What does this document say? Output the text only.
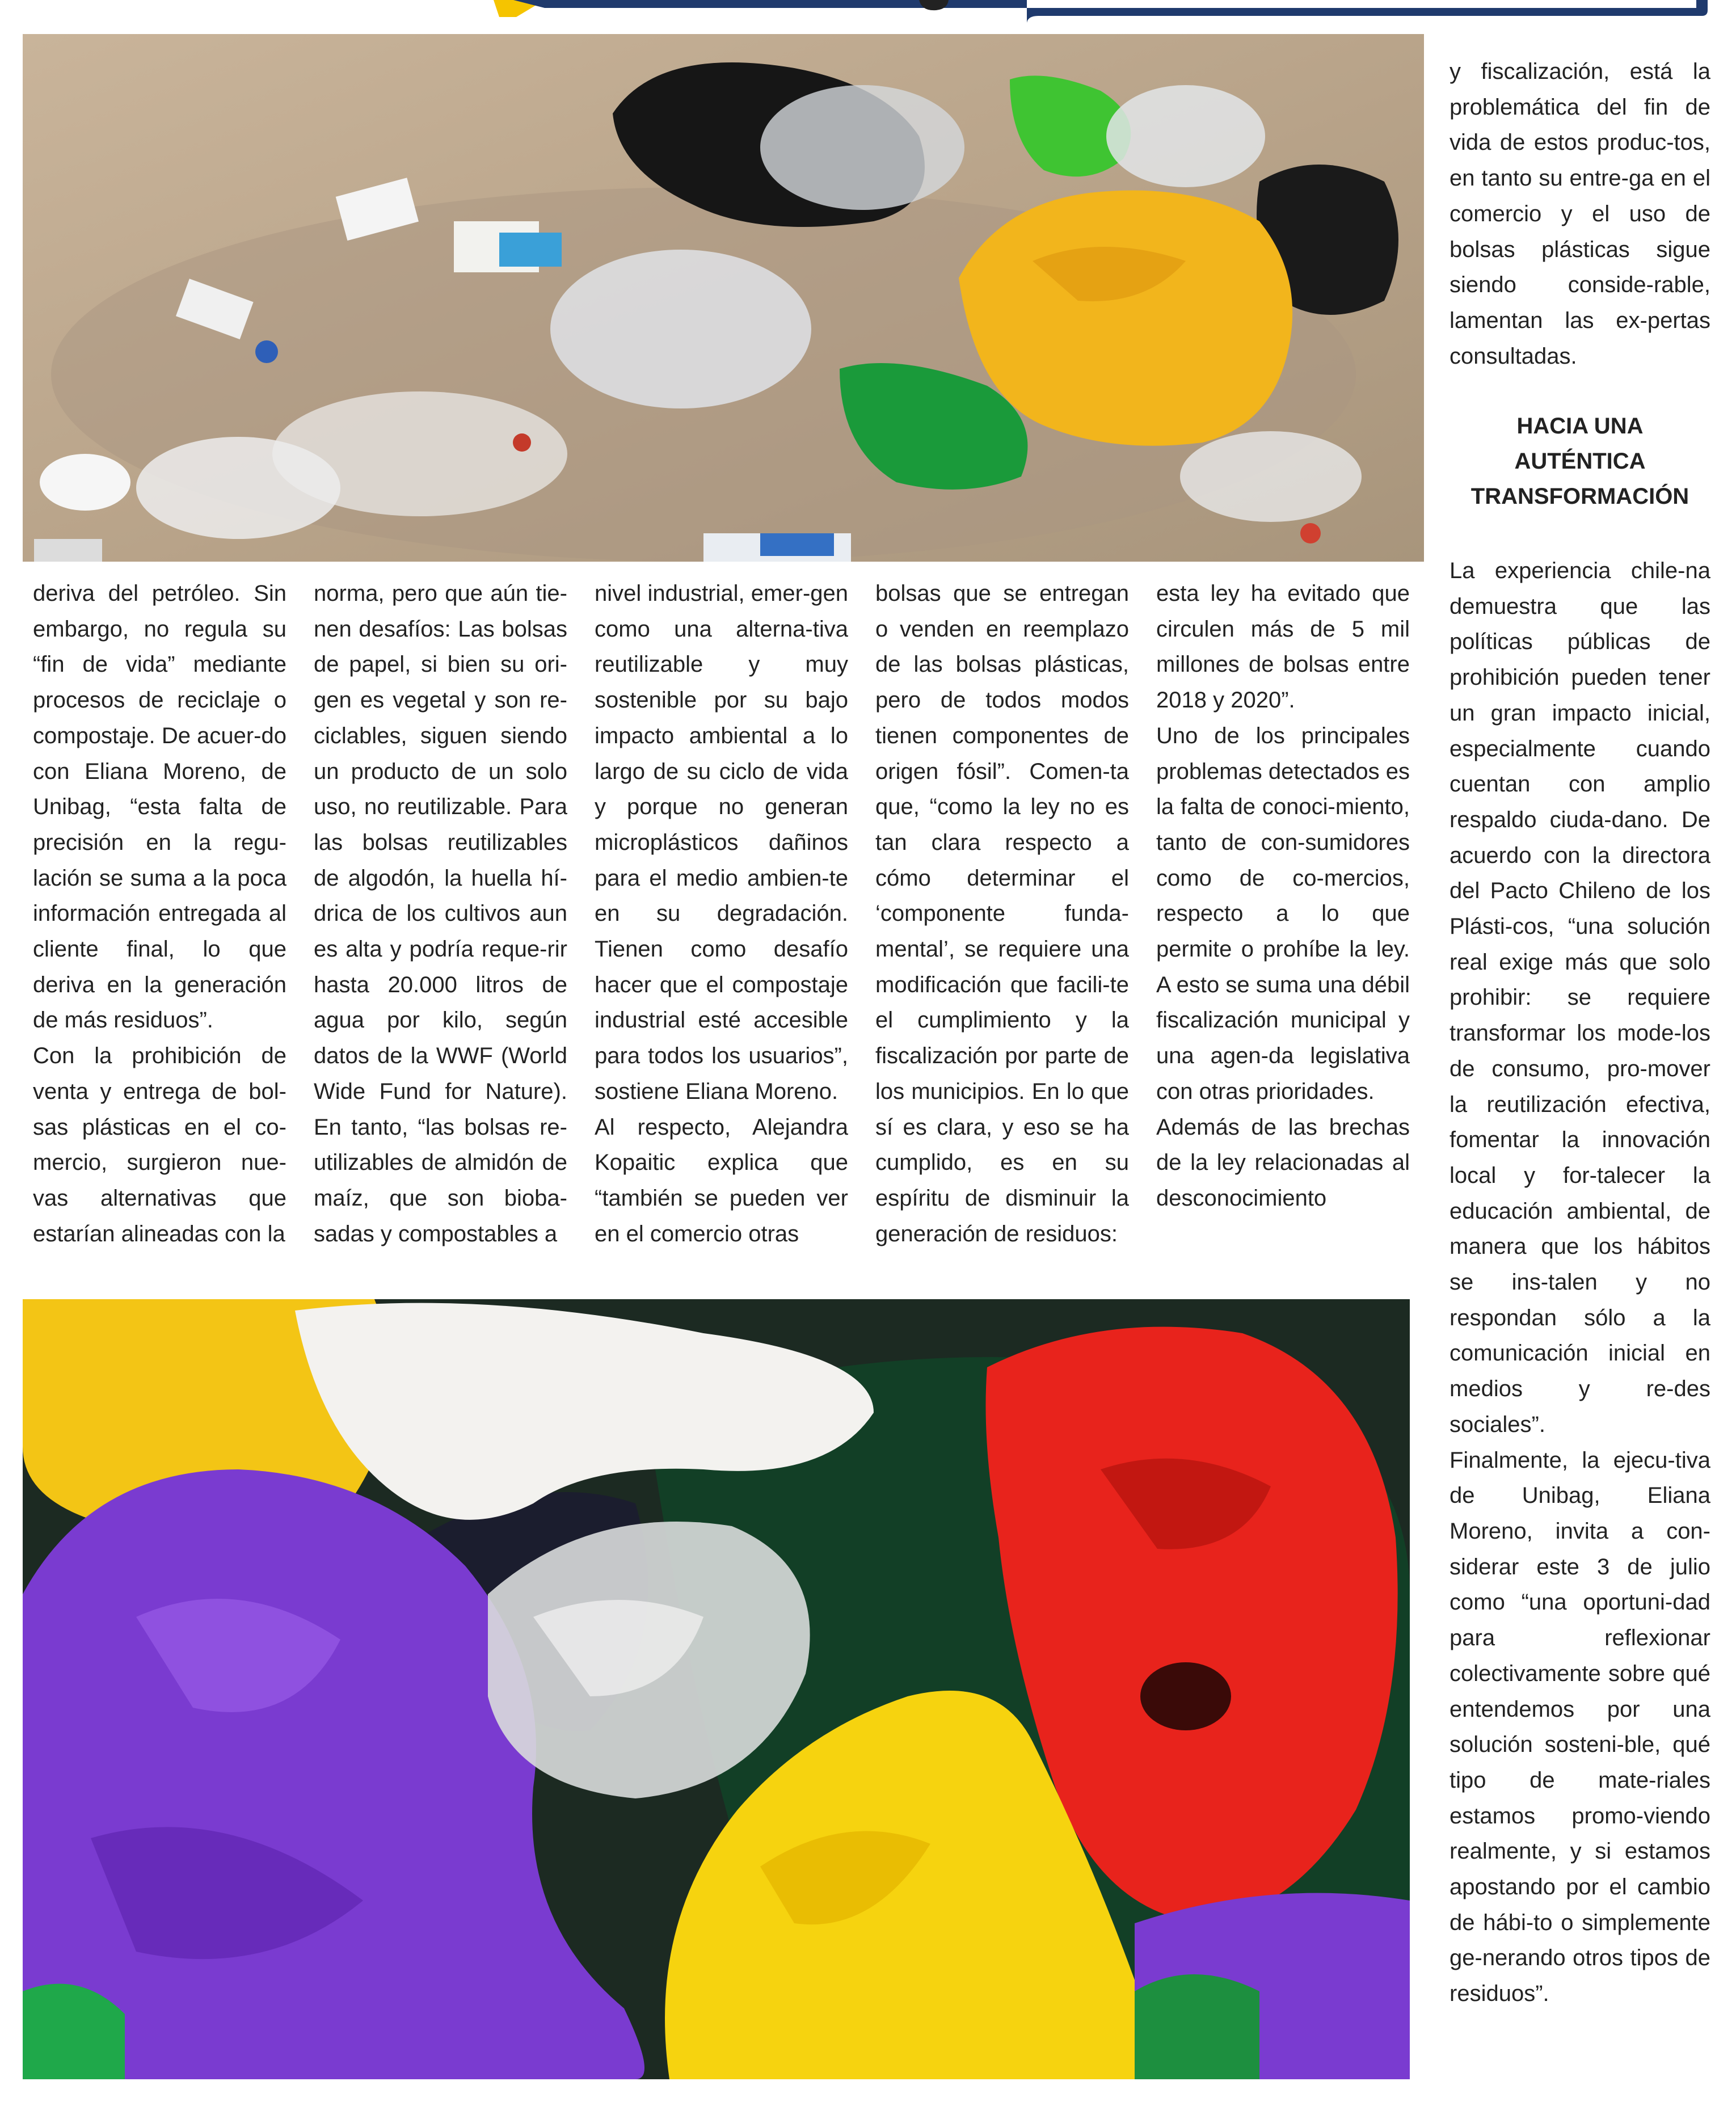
deriva del petróleo. Sin embargo, no regula su “fin de vida” mediante procesos de reciclaje o compostaje. De acuer-do con Eliana Moreno, de Unibag, “esta falta de precisión en la regu-lación se suma a la poca información entregada al cliente final, lo que deriva en la generación de más residuos”.

Con la prohibición de venta y entrega de bol-sas plásticas en el co-mercio, surgieron nue-vas alternativas que estarían alineadas con la

norma, pero que aún tie-nen desafíos: Las bolsas de papel, si bien su ori-gen es vegetal y son re-ciclables, siguen siendo un producto de un solo uso, no reutilizable. Para las bolsas reutilizables de algodón, la huella hí-drica de los cultivos aun es alta y podría reque-rir hasta 20.000 litros de agua por kilo, según datos de la WWF (World Wide Fund for Nature). En tanto, “las bolsas re-utilizables de almidón de maíz, que son bioba-sadas y compostables a

nivel industrial, emer-gen como una alterna-tiva reutilizable y muy sostenible por su bajo impacto ambiental a lo largo de su ciclo de vida y porque no generan microplásticos dañinos para el medio ambien-te en su degradación. Tienen como desafío hacer que el compostaje industrial esté accesible para todos los usuarios”, sostiene Eliana Moreno.

Al respecto, Alejandra Kopaitic explica que “también se pueden ver en el comercio otras

bolsas que se entregan o venden en reemplazo de las bolsas plásticas, pero de todos modos tienen componentes de origen fósil”. Comen-ta que, “como la ley no es tan clara respecto a cómo determinar el ‘componente funda-mental’, se requiere una modificación que facili-te el cumplimiento y la fiscalización por parte de los municipios. En lo que sí es clara, y eso se ha cumplido, es en su espíritu de disminuir la generación de residuos:

esta ley ha evitado que circulen más de 5 mil millones de bolsas entre 2018 y 2020”.

Uno de los principales problemas detectados es la falta de conoci-miento, tanto de con-sumidores como de co-mercios, respecto a lo que permite o prohíbe la ley. A esto se suma una débil fiscalización municipal y una agen-da legislativa con otras prioridades.

Además de las brechas de la ley relacionadas al desconocimiento

y fiscalización, está la problemática del fin de vida de estos produc-tos, en tanto su entre-ga en el comercio y el uso de bolsas plásticas sigue siendo conside-rable, lamentan las ex-pertas consultadas.

HACIA UNA
AUTÉNTICA
TRANSFORMACIÓN

La experiencia chile-na demuestra que las políticas públicas de prohibición pueden tener un gran impacto inicial, especialmente cuando cuentan con amplio respaldo ciuda-dano. De acuerdo con la directora del Pacto Chileno de los Plásti-cos, “una solución real exige más que solo prohibir: se requiere transformar los mode-los de consumo, pro-mover la reutilización efectiva, fomentar la innovación local y for-talecer la educación ambiental, de manera que los hábitos se ins-talen y no respondan sólo a la comunicación inicial en medios y re-des sociales”.

Finalmente, la ejecu-tiva de Unibag, Eliana Moreno, invita a con-siderar este 3 de julio como “una oportuni-dad para reflexionar colectivamente sobre qué entendemos por una solución sosteni-ble, qué tipo de mate-riales estamos promo-viendo realmente, y si estamos apostando por el cambio de hábi-to o simplemente ge-nerando otros tipos de residuos”.
